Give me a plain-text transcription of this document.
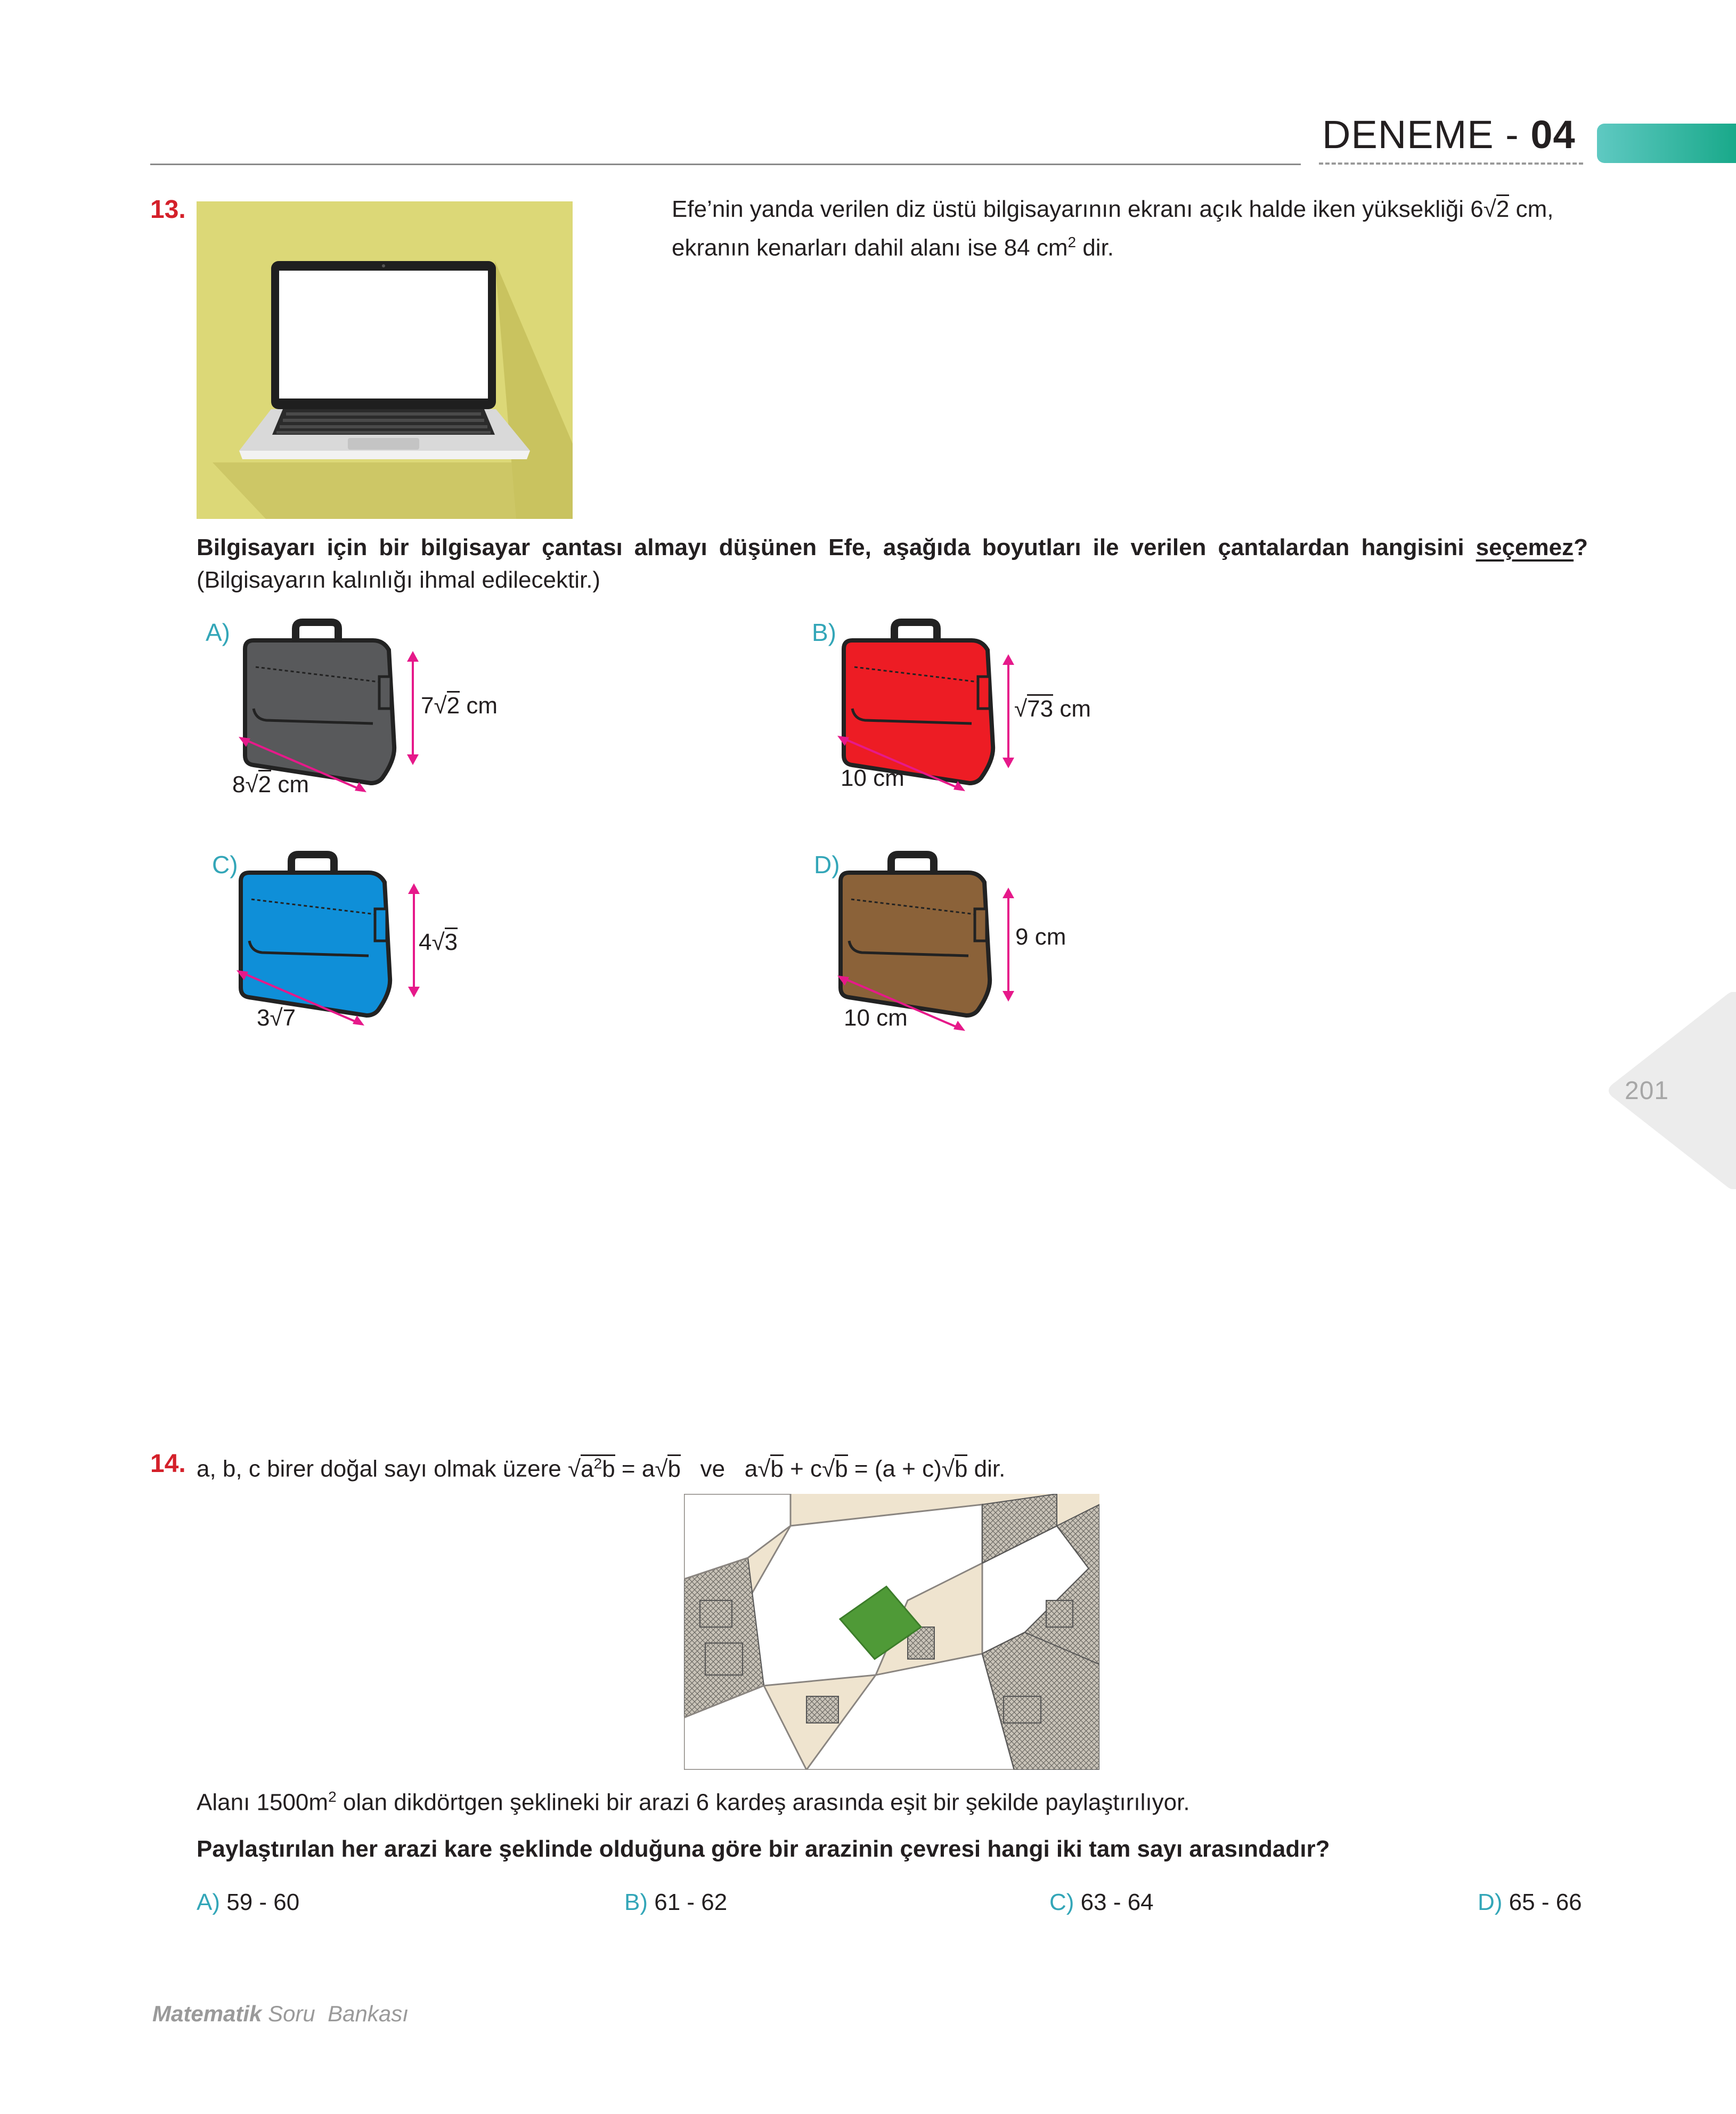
DENEME - 04
201
13.	Efe’nin yanda verilen diz üstü bilgisayarının ekranı açık halde iken yüksekliği 6√2 cm,
ekranın kenarları dahil alanı ise 84 $cm^2$ dir.
Bilgisayarı için bir bilgisayar çantası almayı düşünen Efe, aşağıda boyutları ile verilen çantalardan hangisini seçemez?
(Bilgisayarın kalınlığı ihmal edilecektir.)
A)
7√2 cm
8√2 cm
B)
√73 cm
10 cm
C)
4√3
3√7
D)
9 cm
10 cm
14. a, b, c birer doğal sayı olmak üzere $√a^2b = a√b$   ve   a√b + c√b = (a + c)√b dir.
Alanı $1500m^2$ olan dikdörtgen şeklineki bir arazi 6 kardeş arasında eşit bir şekilde paylaştırılıyor.
Paylaştırılan her arazi kare şeklinde olduğuna göre bir arazinin çevresi hangi iki tam sayı arasındadır?
A) 59 - 60	B) 61 - 62	C) 63 - 64	D) 65 - 66
Matematik Soru  Bankası
